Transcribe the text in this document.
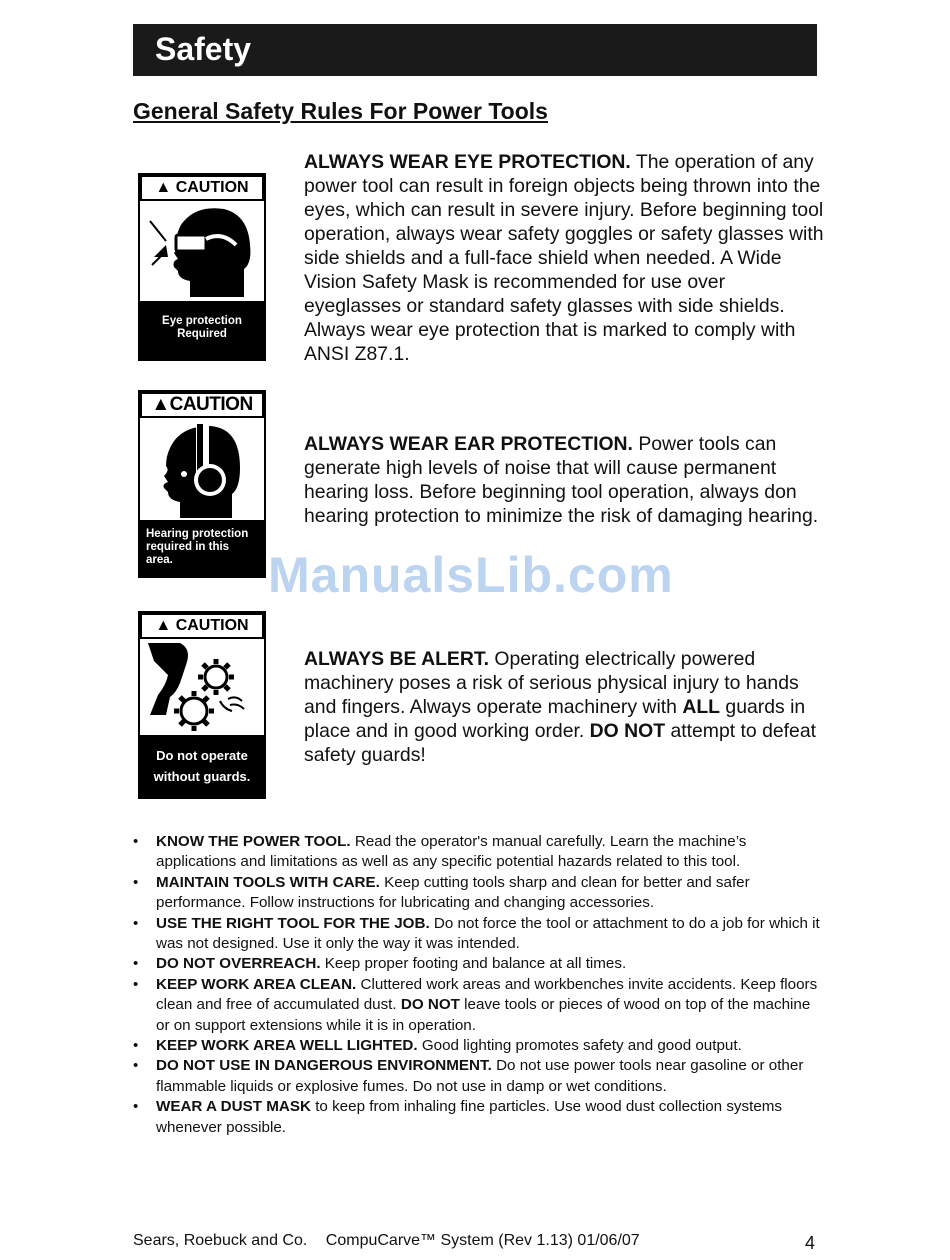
Safety
General Safety Rules For Power Tools
▲ CAUTION
Eye protection
Required
▲CAUTION
Hearing protection
required in this
area.
▲ CAUTION
Do not operate
without guards.
ALWAYS WEAR EYE PROTECTION. The operation of any power tool can result in foreign objects being thrown into the eyes, which can result in severe injury. Before beginning tool operation, always wear safety goggles or safety glasses with side shields and a full-face shield when needed. A Wide Vision Safety Mask is recommended for use over eyeglasses or standard safety glasses with side shields. Always wear eye protection that is marked to comply with ANSI Z87.1.
ALWAYS WEAR EAR PROTECTION. Power tools can generate high levels of noise that will cause permanent hearing loss. Before beginning tool operation, always don hearing protection to minimize the risk of damaging hearing.
ManualsLib.com
ALWAYS BE ALERT. Operating electrically powered machinery poses a risk of serious physical injury to hands and fingers. Always operate machinery with ALL guards in place and in good working order. DO NOT attempt to defeat safety guards!
• KNOW THE POWER TOOL. Read the operator's manual carefully. Learn the machine’s applications and limitations as well as any specific potential hazards related to this tool.
• MAINTAIN TOOLS WITH CARE. Keep cutting tools sharp and clean for better and safer performance. Follow instructions for lubricating and changing accessories.
• USE THE RIGHT TOOL FOR THE JOB. Do not force the tool or attachment to do a job for which it was not designed. Use it only the way it was intended.
• DO NOT OVERREACH. Keep proper footing and balance at all times.
• KEEP WORK AREA CLEAN. Cluttered work areas and workbenches invite accidents. Keep floors clean and free of accumulated dust. DO NOT leave tools or pieces of wood on top of the machine or on support extensions while it is in operation.
• KEEP WORK AREA WELL LIGHTED. Good lighting promotes safety and good output.
• DO NOT USE IN DANGEROUS ENVIRONMENT. Do not use power tools near gasoline or other flammable liquids or explosive fumes. Do not use in damp or wet conditions.
• WEAR A DUST MASK to keep from inhaling fine particles. Use wood dust collection systems whenever possible.
Sears, Roebuck and Co. CompuCarve™ System (Rev 1.13) 01/06/07	4
